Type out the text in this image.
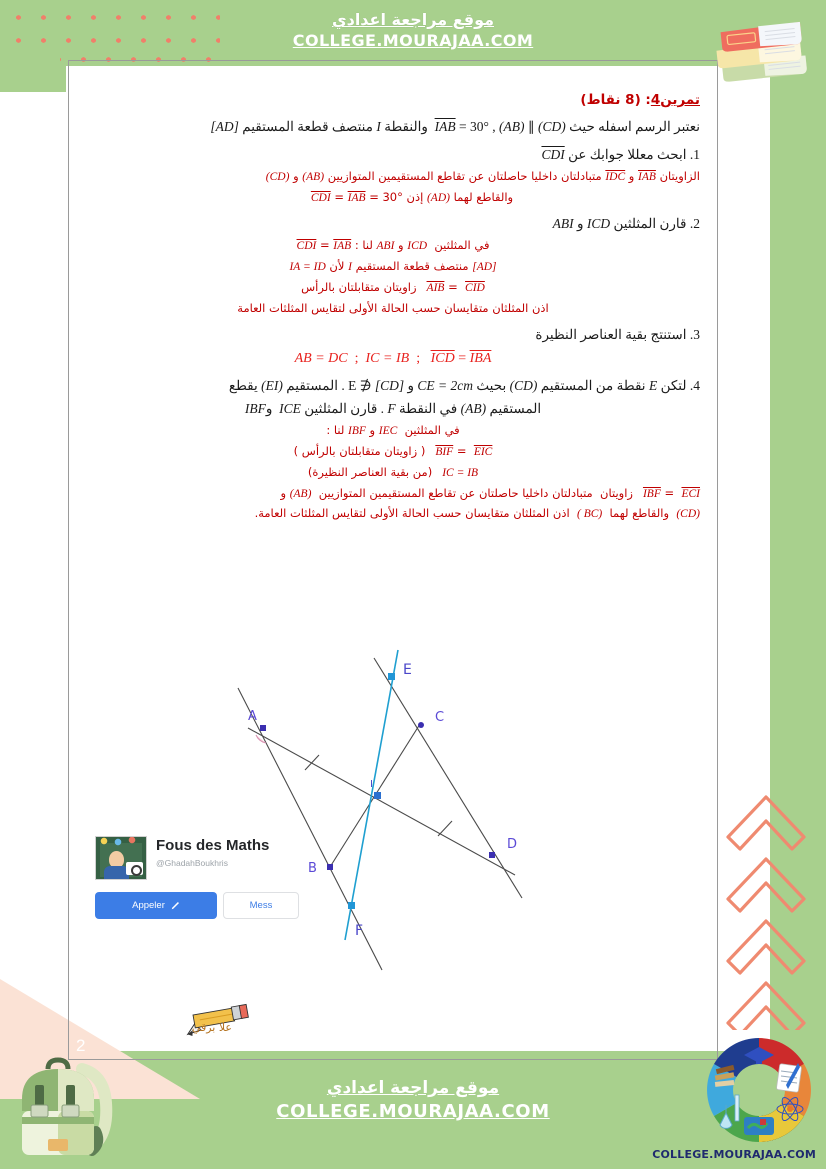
2
موقع مراجعة اعدادي
COLLEGE.MOURAJAA.COM
تمرين4: (8 نقاط)
نعتبر الرسم اسفله حيث (CD) ∥ (AB) , IAB = 30°  والنقطة I منتصف قطعة المستقيم [AD]
1. ابحث معللا جوابك عن CDI
الزاويتان IAB و IDC متبادلتان داخليا حاصلتان عن تقاطع المستقيمين المتوازيين (AB) و (CD)
والقاطع لهما (AD) إذن CDI = IAB = 30°
2. قارن المثلثين ICD و ABI
في المثلثين  ICD و ABI لنا : CDI = IAB
[AD] منتصف قطعة المستقيم I لأن IA = ID
AIB = CIDزاويتان متقابلتان بالرأس
اذن المثلثان متقايسان حسب الحالة الأولى لتقايس المثلثات العامة
3. استنتج بقية العناصر النظيرة
AB = DC  ;  IC = IB  ;   ICD = IBA
4. لتكن E نقطة من المستقيم (CD) بحيث CE = 2cm و [CD] ∉ E . المستقيم (EI) يقطع
المستقيم (AB) في النقطة F . قارن المثلثين ICE  وIBF
في المثلثين  IEC و IBF لنا :
BIF = EIC( زاويتان متقابلتان بالرأس )
IC = IB(من بقية العناصر النظيرة)
IBF = ECIزاويتان  متبادلتان داخليا حاصلتان عن تقاطع المستقيمين المتوازيين  (AB) و
(CD)  والقاطع لهما  (BC )  اذن المثلثان متقايسان حسب الحالة الأولى لتقايس المثلثات العامة.
A
B
C
D
E
F
I
Fous des Maths
@GhadahBoukhris
Appeler	Mess
علا برقي
موقع مراجعة اعدادي
COLLEGE.MOURAJAA.COM
COLLEGE.MOURAJAA.COM
